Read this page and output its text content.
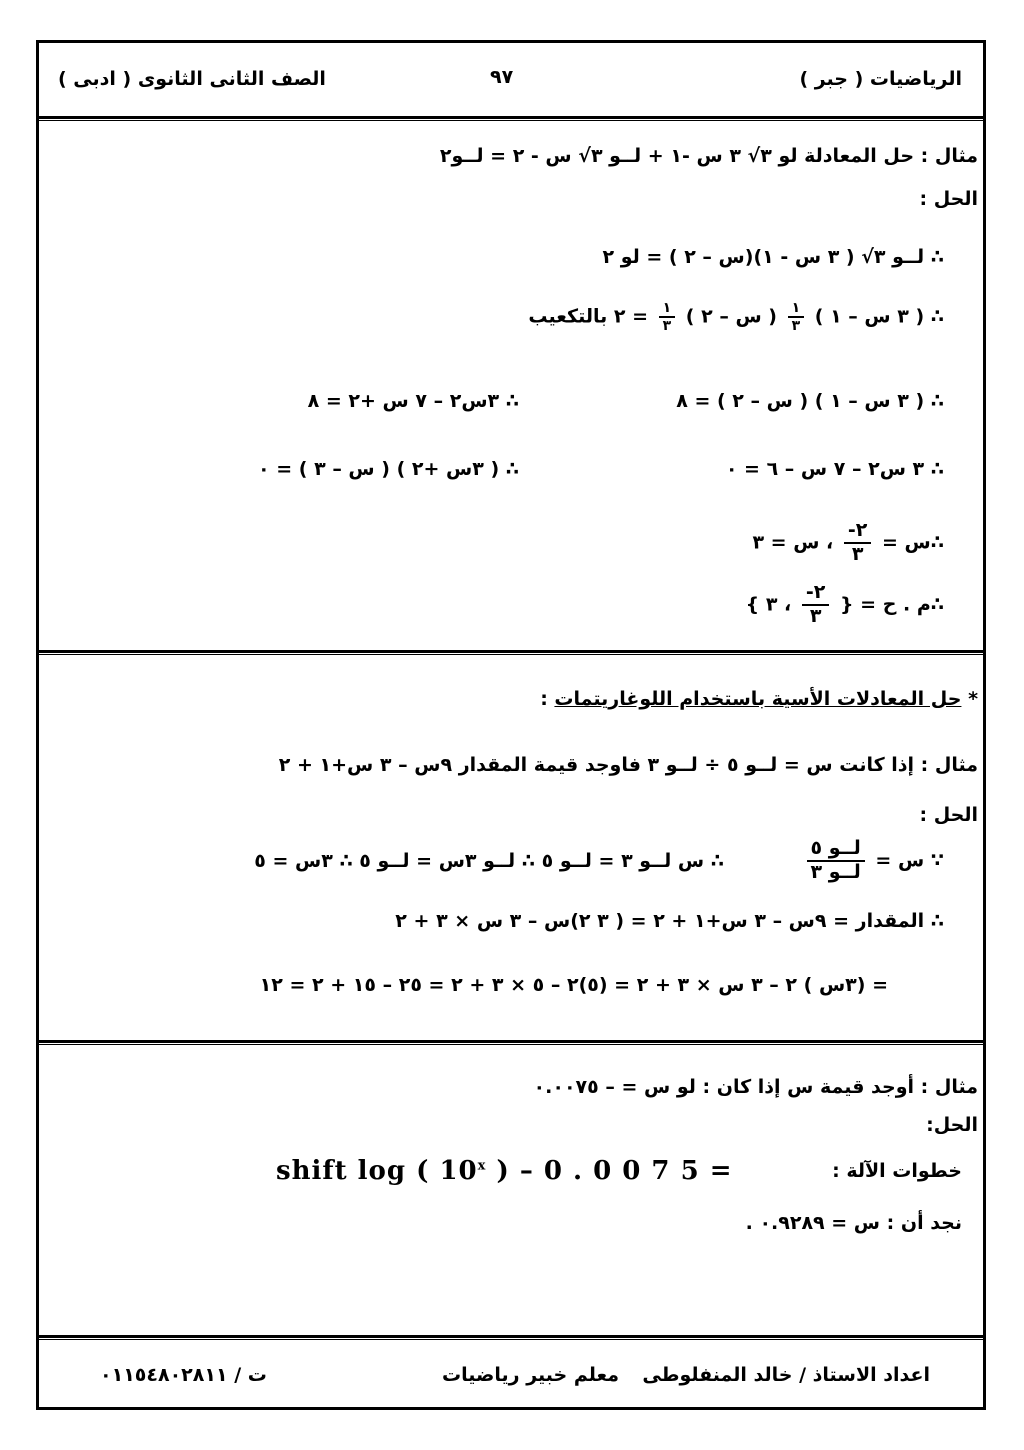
الرياضيات ( جبر )
٩٧
الصف الثانى الثانوى ( ادبى )
مثال : حل المعادلة لو ٣√ ٣ س -١ + لــو ٣√ س - ٢ = لــو٢
الحل :
∴ لــو ٣√ ( ٣ س - ١)(س – ٢ ) = لو ٢
∴ ( ٣ س – ١ )
$\frac{١}{٣}$
( س – ٢ )
$\frac{١}{٣}$
= ٢ بالتكعيب
∴ ( ٣ س – ١ ) ( س – ٢ ) = ٨
∴ ٣س٢ – ٧ س +٢ = ٨
∴ ٣ س٢ – ٧ س – ٦ = ٠
∴ ( ٣س +٢ ) ( س – ٣ ) = ٠
∴س =
$\frac{٢-}{٣}$
، س = ٣
∴م . ح = {
$\frac{٢-}{٣}$
، ٣ }
* حل المعادلات الأسية باستخدام اللوغاريتمات :
مثال : إذا كانت س = لــو ٥ ÷ لــو ٣ فاوجد قيمة المقدار ٩س – ٣ س+١ + ٢
الحل :
∵ س =
$\frac{\text{لــو ٥}}{\text{لــو ٣}}$
∴ س لــو ٣ = لــو ٥ ∴ لــو ٣س = لــو ٥ ∴ ٣س = ٥
∴ المقدار = ٩س – ٣ س+١ + ٢ = ( ٣ ٢)س – ٣ س × ٣ + ٢
= (٣س ) ٢ – ٣ س × ٣ + ٢ = (٥)٢ – ٥ × ٣ + ٢ = ٢٥ – ١٥ + ٢ = ١٢
مثال : أوجد قيمة س إذا كان : لو س = – ٠.٠٠٧٥
الحل:
خطوات الآلة :
shift log ( 10$^x$ ) – 0 . 0 0 7 5 =
نجد أن : س = ٠.٩٢٨٩ .
اعداد الاستاذ / خالد المنفلوطى
معلم خبير رياضيات
ت / ٠١١٥٤٨٠٢٨١١
